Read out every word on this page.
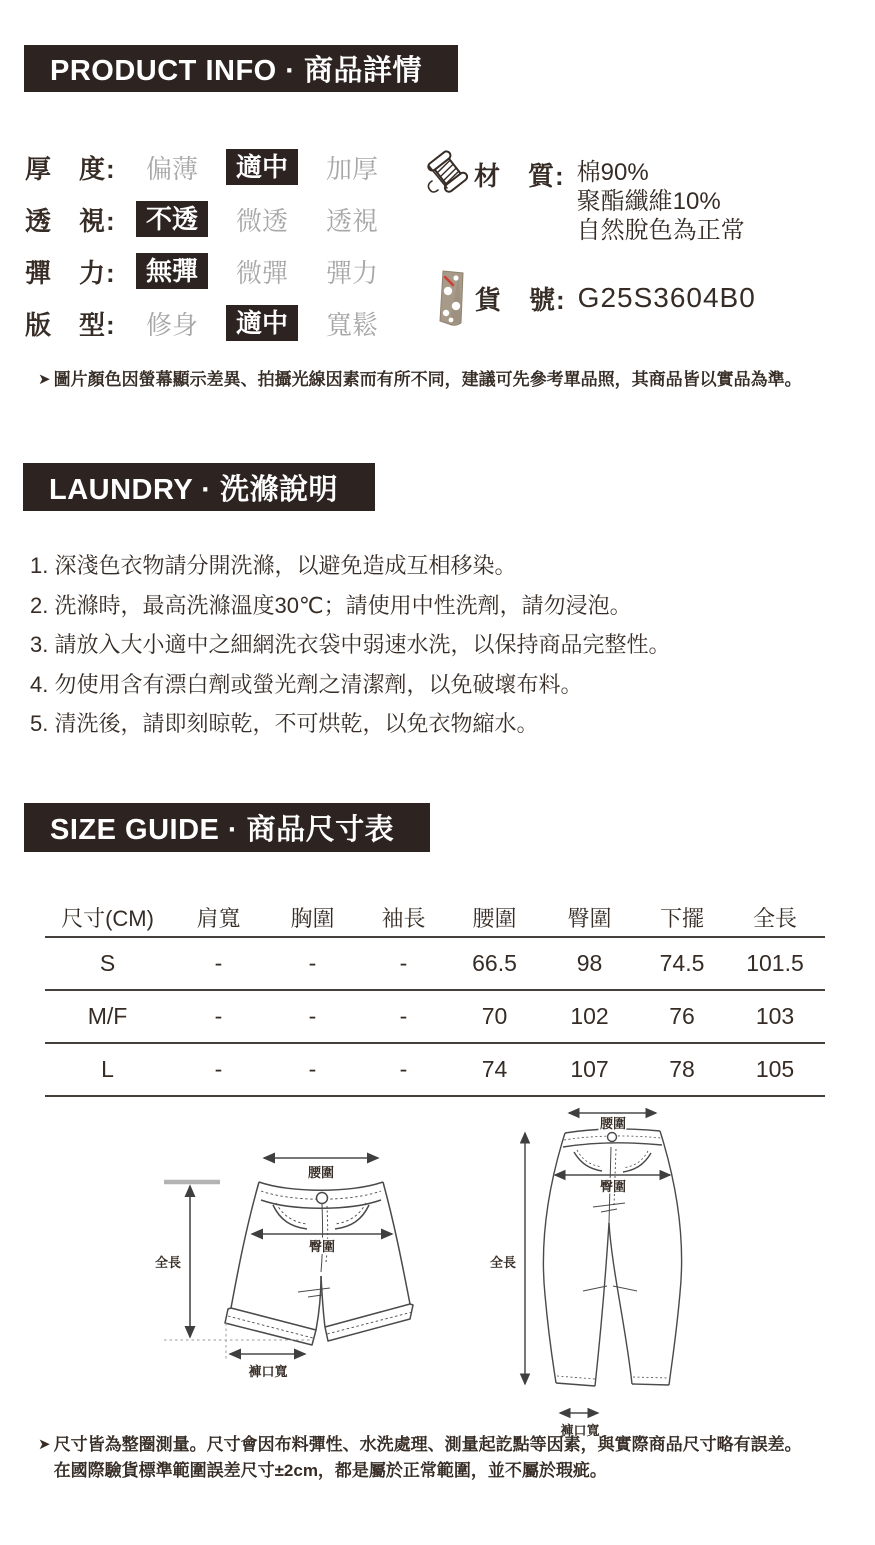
PRODUCT INFO · 商品詳情
厚　度:	偏薄	適中	加厚
透　視:	不透	微透 透視
彈　力:	無彈	微彈 彈力
版　型:	修身	適中	寬鬆
材　質: 棉90%
聚酯纖維10%
自然脫色為正常
貨　號: G25S3604B0
➤ 圖片顏色因螢幕顯示差異、拍攝光線因素而有所不同，建議可先參考單品照，其商品皆以實品為準。
LAUNDRY · 洗滌說明
1. 深淺色衣物請分開洗滌，以避免造成互相移染。
2. 洗滌時，最高洗滌溫度30℃；請使用中性洗劑，請勿浸泡。
3. 請放入大小適中之細網洗衣袋中弱速水洗，以保持商品完整性。
4. 勿使用含有漂白劑或螢光劑之清潔劑，以免破壞布料。
5. 清洗後，請即刻晾乾，不可烘乾，以免衣物縮水。
SIZE GUIDE · 商品尺寸表
尺寸(CM)	肩寬	胸圍	袖長	腰圍	臀圍	下擺	全長
S	-	-	-	66.5	98	74.5	101.5
M/F	-	-	-	70	102	76	103
L	-	-	-	74	107	78	105
腰圍
臀圍
全長
褲口寬
腰圍
臀圍
全長
褲口寬
➤ 尺寸皆為整圈測量。尺寸會因布料彈性、水洗處理、測量起訖點等因素，與實際商品尺寸略有誤差。
在國際驗貨標準範圍誤差尺寸±2cm，都是屬於正常範圍，並不屬於瑕疵。
